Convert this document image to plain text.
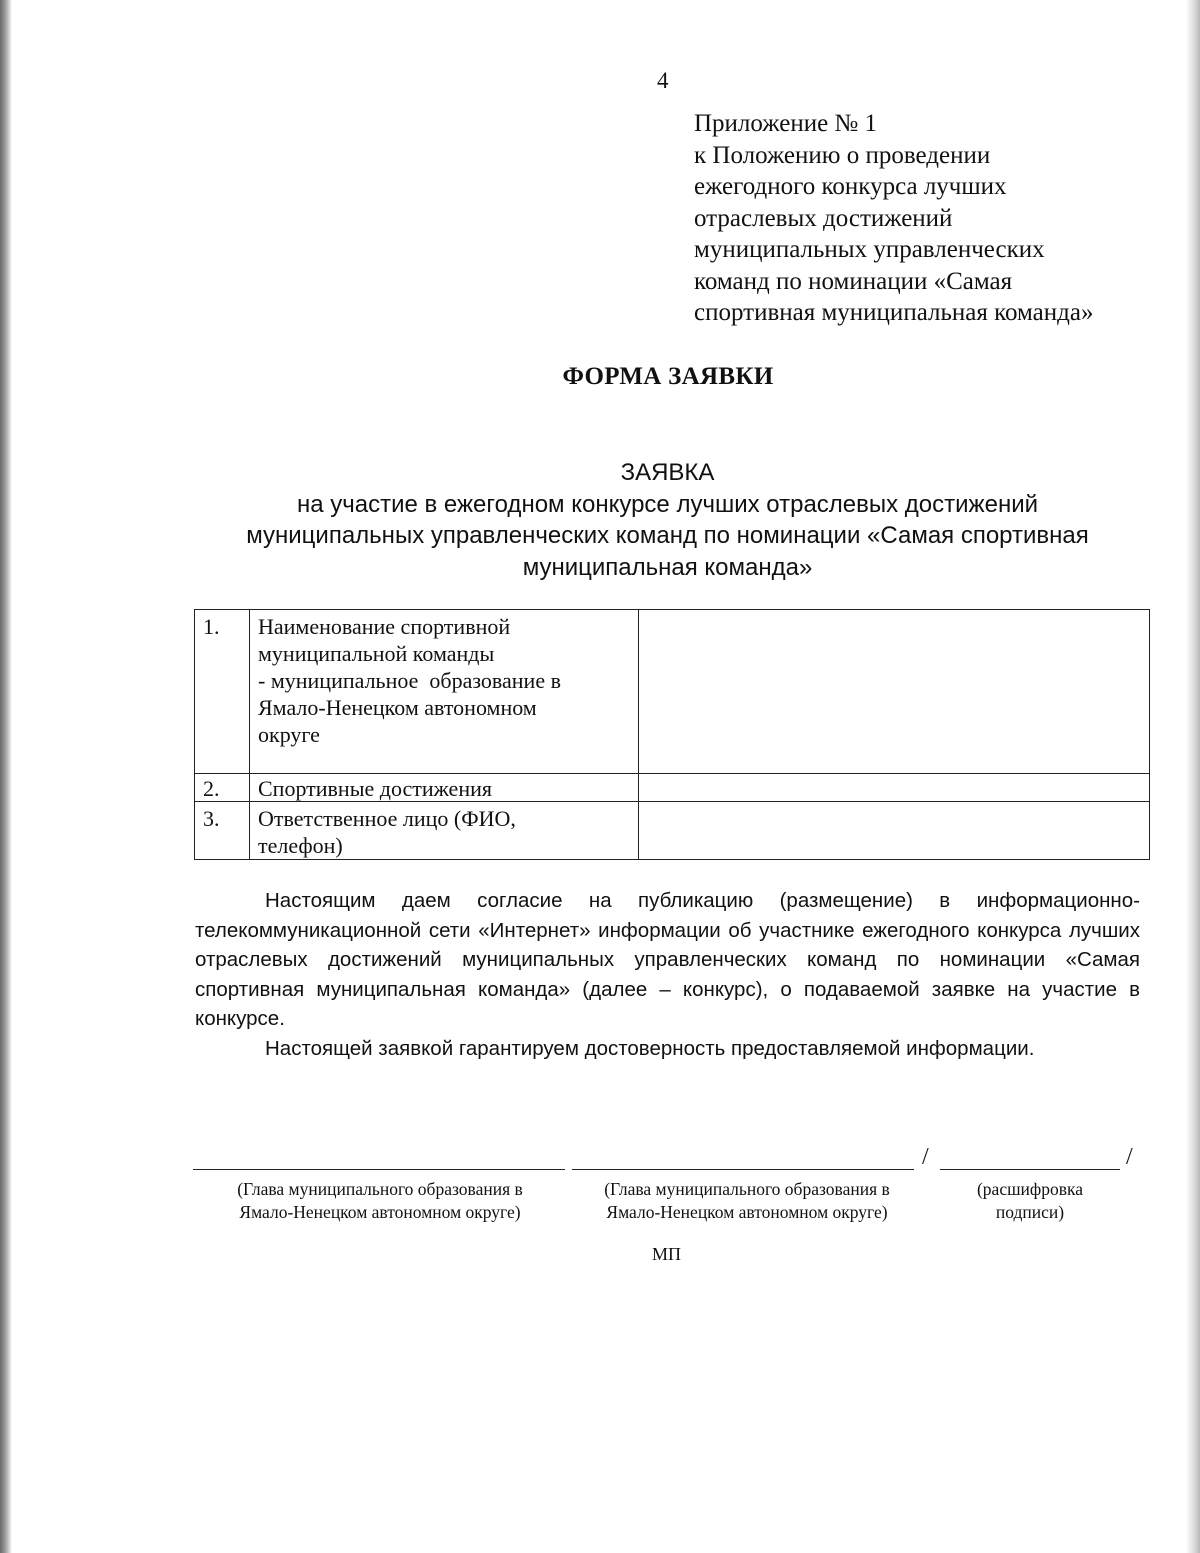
4
Приложение № 1
к Положению о проведении
ежегодного конкурса лучших
отраслевых достижений
муниципальных управленческих
команд по номинации «Самая
спортивная муниципальная команда»
ФОРМА ЗАЯВКИ
ЗАЯВКА
на участие в ежегодном конкурсе лучших отраслевых достижений
муниципальных управленческих команд по номинации «Самая спортивная
муниципальная команда»
1.	Наименование спортивной
муниципальной команды
- муниципальное  образование в
Ямало-Ненецком автономном
округе	

2.	Спортивные достижения	

3.	Ответственное лицо (ФИО,
телефон)	

Настоящим даем согласие на публикацию (размещение) в информационно-телекоммуникационной сети «Интернет» информации об участнике ежегодного конкурса лучших отраслевых достижений муниципальных управленческих команд по номинации «Самая спортивная муниципальная команда» (далее – конкурс), о подаваемой заявке на участие в конкурсе.

Настоящей заявкой гарантируем достоверность предоставляемой информации.

/	/
(Глава муниципального образования в
Ямало-Ненецком автономном округе)
(Глава муниципального образования в
Ямало-Ненецком автономном округе)
(расшифровка
подписи)
МП
